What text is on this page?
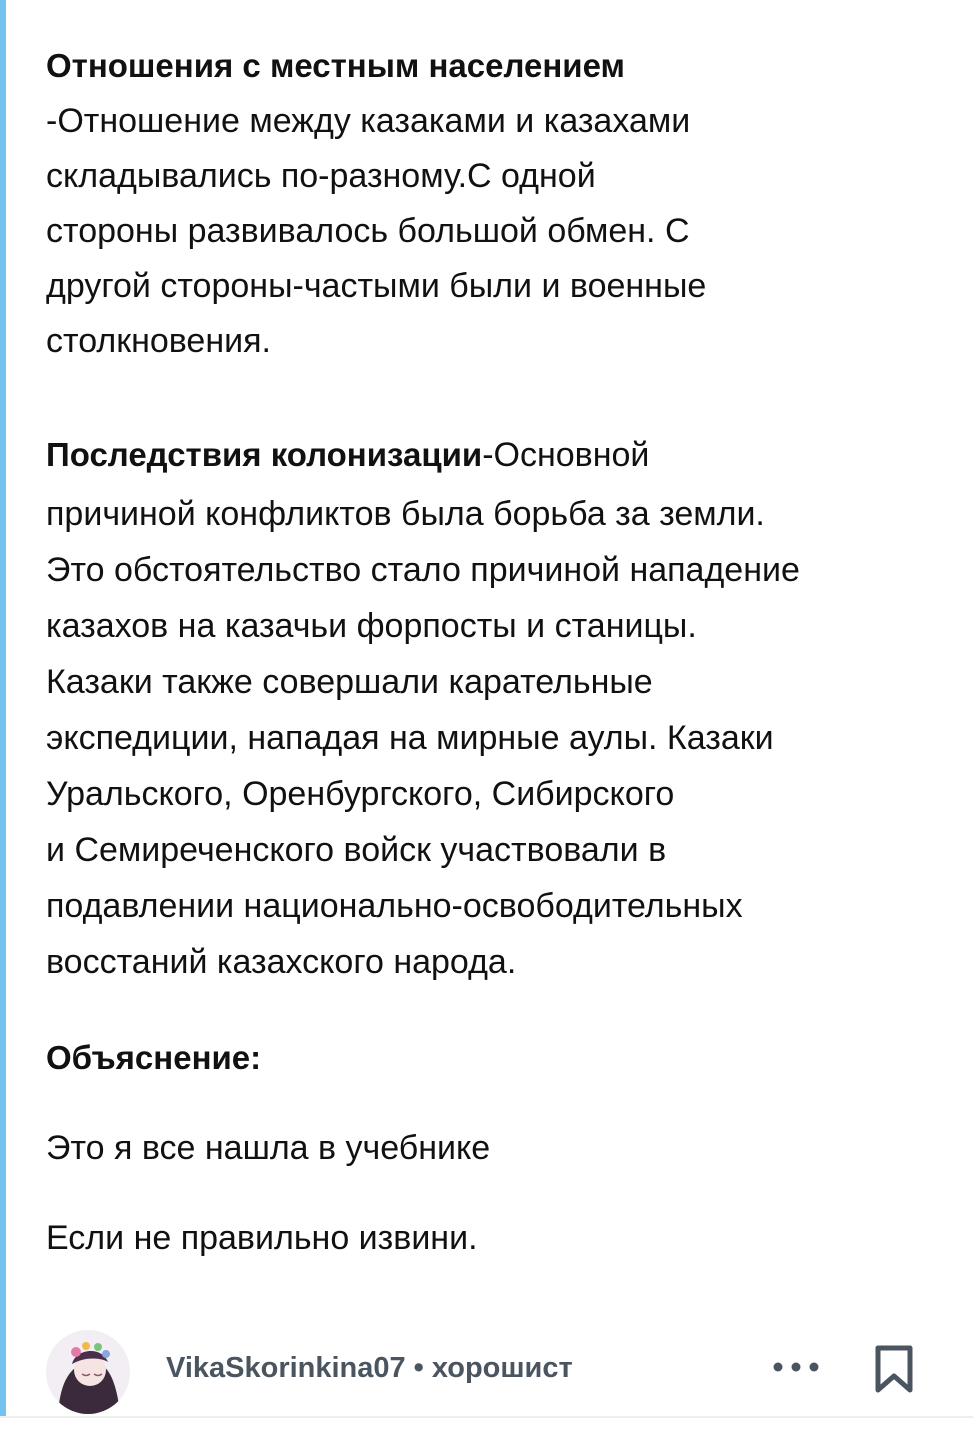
Отношения с местным населением

-Отношение между казаками и казахами
складывались по-разному.С одной
стороны развивалось большой обмен. С
другой стороны-частыми были и военные
столкновения.
Последствия колонизации-Основной
причиной конфликтов была борьба за земли.
Это обстоятельство стало причиной нападение
казахов на казачьи форпосты и станицы.
Казаки также совершали карательные
экспедиции, нападая на мирные аулы. Казаки
Уральского, Оренбургского, Сибирского
и Семиреченского войск участвовали в
подавлении национально-освободительных
восстаний казахского народа.

Объяснение:

Это я все нашла в учебнике

Если не правильно извини.

VikaSkorinkina07 • хорошист
